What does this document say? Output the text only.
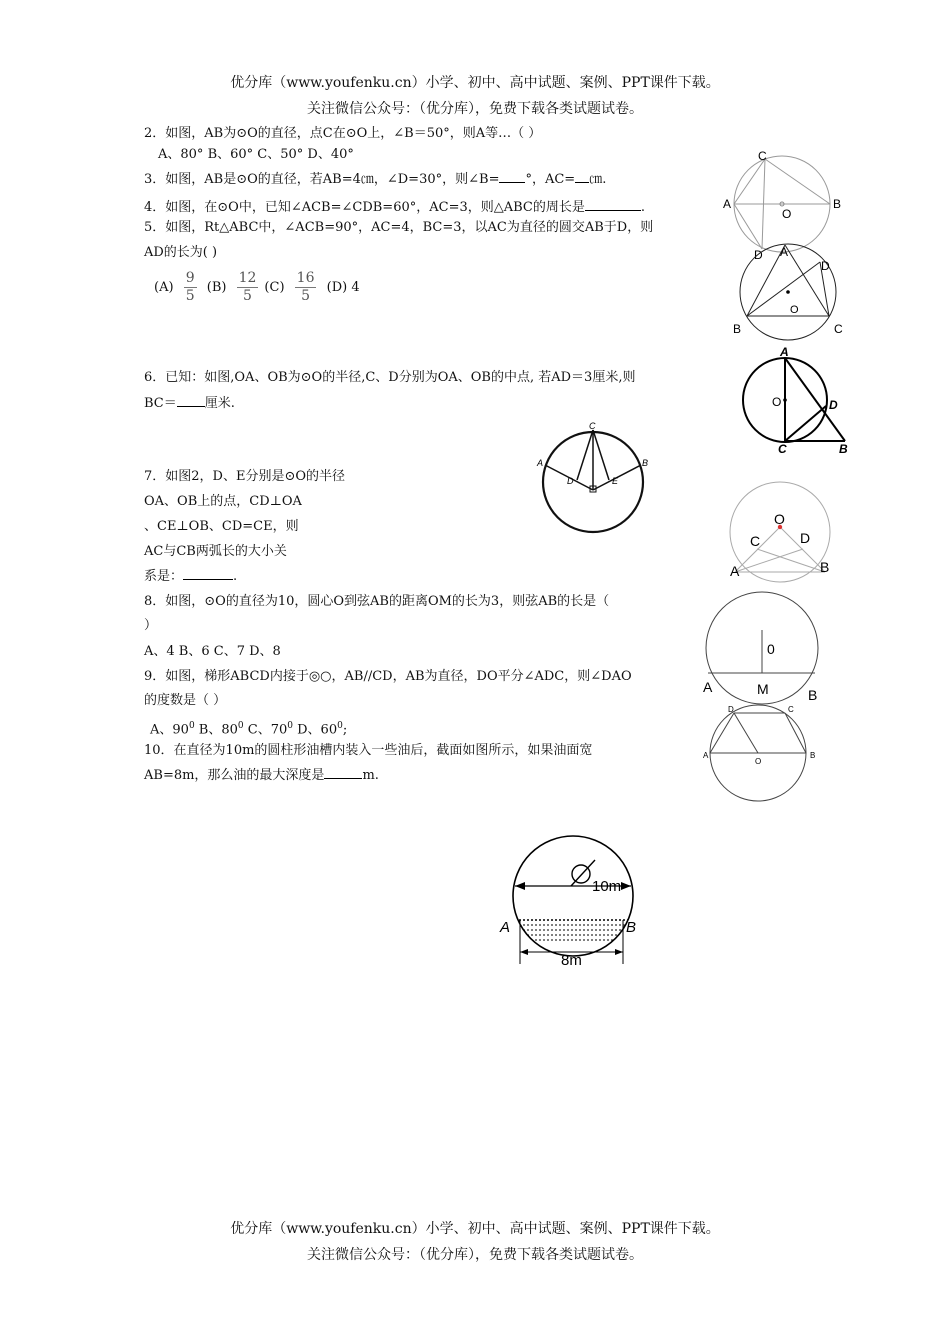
优分库（www.youfenku.cn）小学、初中、高中试题、案例、PPT课件下载。
关注微信公众号：（优分库），免费下载各类试题试卷。
2．如图，AB为⊙O的直径，点C在⊙O上，∠B＝50°，则A等…（ ）
A、80° B、60° C、50° D、40°
3．如图，AB是⊙O的直径，若AB=4㎝，∠D=30°，则∠B= °，AC= ㎝.
4．如图，在⊙O中，已知∠ACB=∠CDB=60°，AC=3，则△ABC的周长是	.
5．如图，Rt△ABC中，∠ACB=90°，AC=4，BC=3，以AC为直径的圆交AB于D，则
AD的长为( )
$(A) \frac{9}{5} (B) \frac{12}{5} (C) \frac{16}{5} (D)$ 4
6．已知：如图,OA、OB为⊙O的半径,C、D分别为OA、OB的中点, 若AD＝3厘米,则
BC＝ 厘米.
7．如图2，D、E分别是⊙O的半径
OA、OB上的点，CD⊥OA
、CE⊥OB、CD=CE，则
AC与CB两弧长的大小关
系是：	.
8．如图，⊙O的直径为10，圆心O到弦AB的距离OM的长为3，则弦AB的长是（
）
A、4 B、6 C、7 D、8
9．如图，梯形ABCD内接于◎○，AB//CD，AB为直径，DO平分∠ADC，则∠DAO
的度数是（ ）
A、$90^0$ B、$80^0$ C、$70^0$ D、$60^0$;
10．在直径为10m的圆柱形油槽内装入一些油后，截面如图所示，如果油面宽
AB=8m，那么油的最大深度是	m.
C
A
O
B
D A
D
B	C
O
A
O	D
C	B
C
A	B
D	E
O
C	D
A	B
0
A	M	B
D	C
A
O
B
10m
A	B
8m
优分库（www.youfenku.cn）小学、初中、高中试题、案例、PPT课件下载。
关注微信公众号：（优分库），免费下载各类试题试卷。
